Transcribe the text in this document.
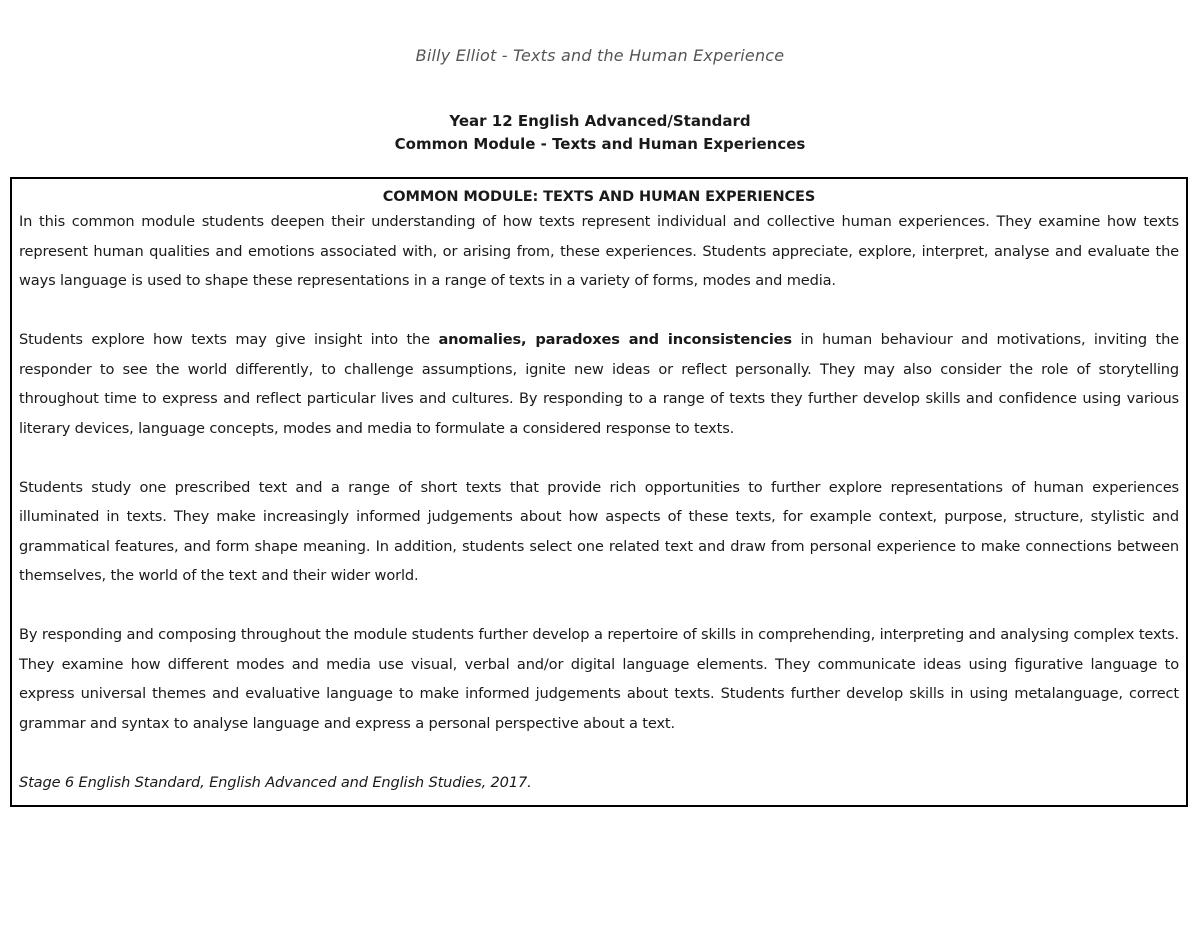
Billy Elliot - Texts and the Human Experience
Year 12 English Advanced/Standard
Common Module - Texts and Human Experiences

COMMON MODULE: TEXTS AND HUMAN EXPERIENCES

In this common module students deepen their understanding of how texts represent individual and collective human experiences. They examine how texts represent human qualities and emotions associated with, or arising from, these experiences. Students appreciate, explore, interpret, analyse and evaluate the ways language is used to shape these representations in a range of texts in a variety of forms, modes and media.

Students explore how texts may give insight into the anomalies, paradoxes and inconsistencies in human behaviour and motivations, inviting the responder to see the world differently, to challenge assumptions, ignite new ideas or reflect personally. They may also consider the role of storytelling throughout time to express and reflect particular lives and cultures. By responding to a range of texts they further develop skills and confidence using various literary devices, language concepts, modes and media to formulate a considered response to texts.

Students study one prescribed text and a range of short texts that provide rich opportunities to further explore representations of human experiences illuminated in texts. They make increasingly informed judgements about how aspects of these texts, for example context, purpose, structure, stylistic and grammatical features, and form shape meaning. In addition, students select one related text and draw from personal experience to make connections between themselves, the world of the text and their wider world.

By responding and composing throughout the module students further develop a repertoire of skills in comprehending, interpreting and analysing complex texts. They examine how different modes and media use visual, verbal and/or digital language elements. They communicate ideas using figurative language to express universal themes and evaluative language to make informed judgements about texts. Students further develop skills in using metalanguage, correct grammar and syntax to analyse language and express a personal perspective about a text.

Stage 6 English Standard, English Advanced and English Studies, 2017.
